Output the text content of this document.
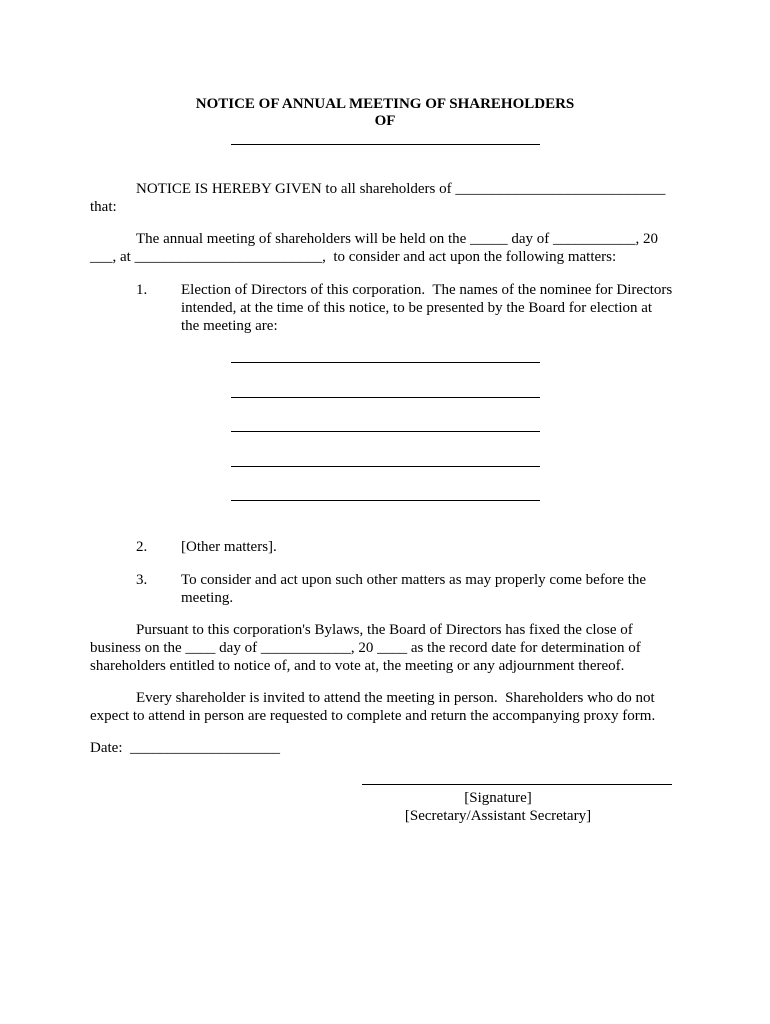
NOTICE OF ANNUAL MEETING OF SHAREHOLDERS
OF
NOTICE IS HEREBY GIVEN to all shareholders of ____________________________
that:
The annual meeting of shareholders will be held on the _____ day of ___________, 20
___, at _________________________,  to consider and act upon the following matters:
1. Election of Directors of this corporation.  The names of the nominee for Directors
intended, at the time of this notice, to be presented by the Board for election at
the meeting are:
2. [Other matters].
3. To consider and act upon such other matters as may properly come before the
meeting.
Pursuant to this corporation's Bylaws, the Board of Directors has fixed the close of
business on the ____ day of ____________, 20 ____ as the record date for determination of
shareholders entitled to notice of, and to vote at, the meeting or any adjournment thereof.
Every shareholder is invited to attend the meeting in person.  Shareholders who do not
expect to attend in person are requested to complete and return the accompanying proxy form.
Date:  ____________________
[Signature]
[Secretary/Assistant Secretary]
